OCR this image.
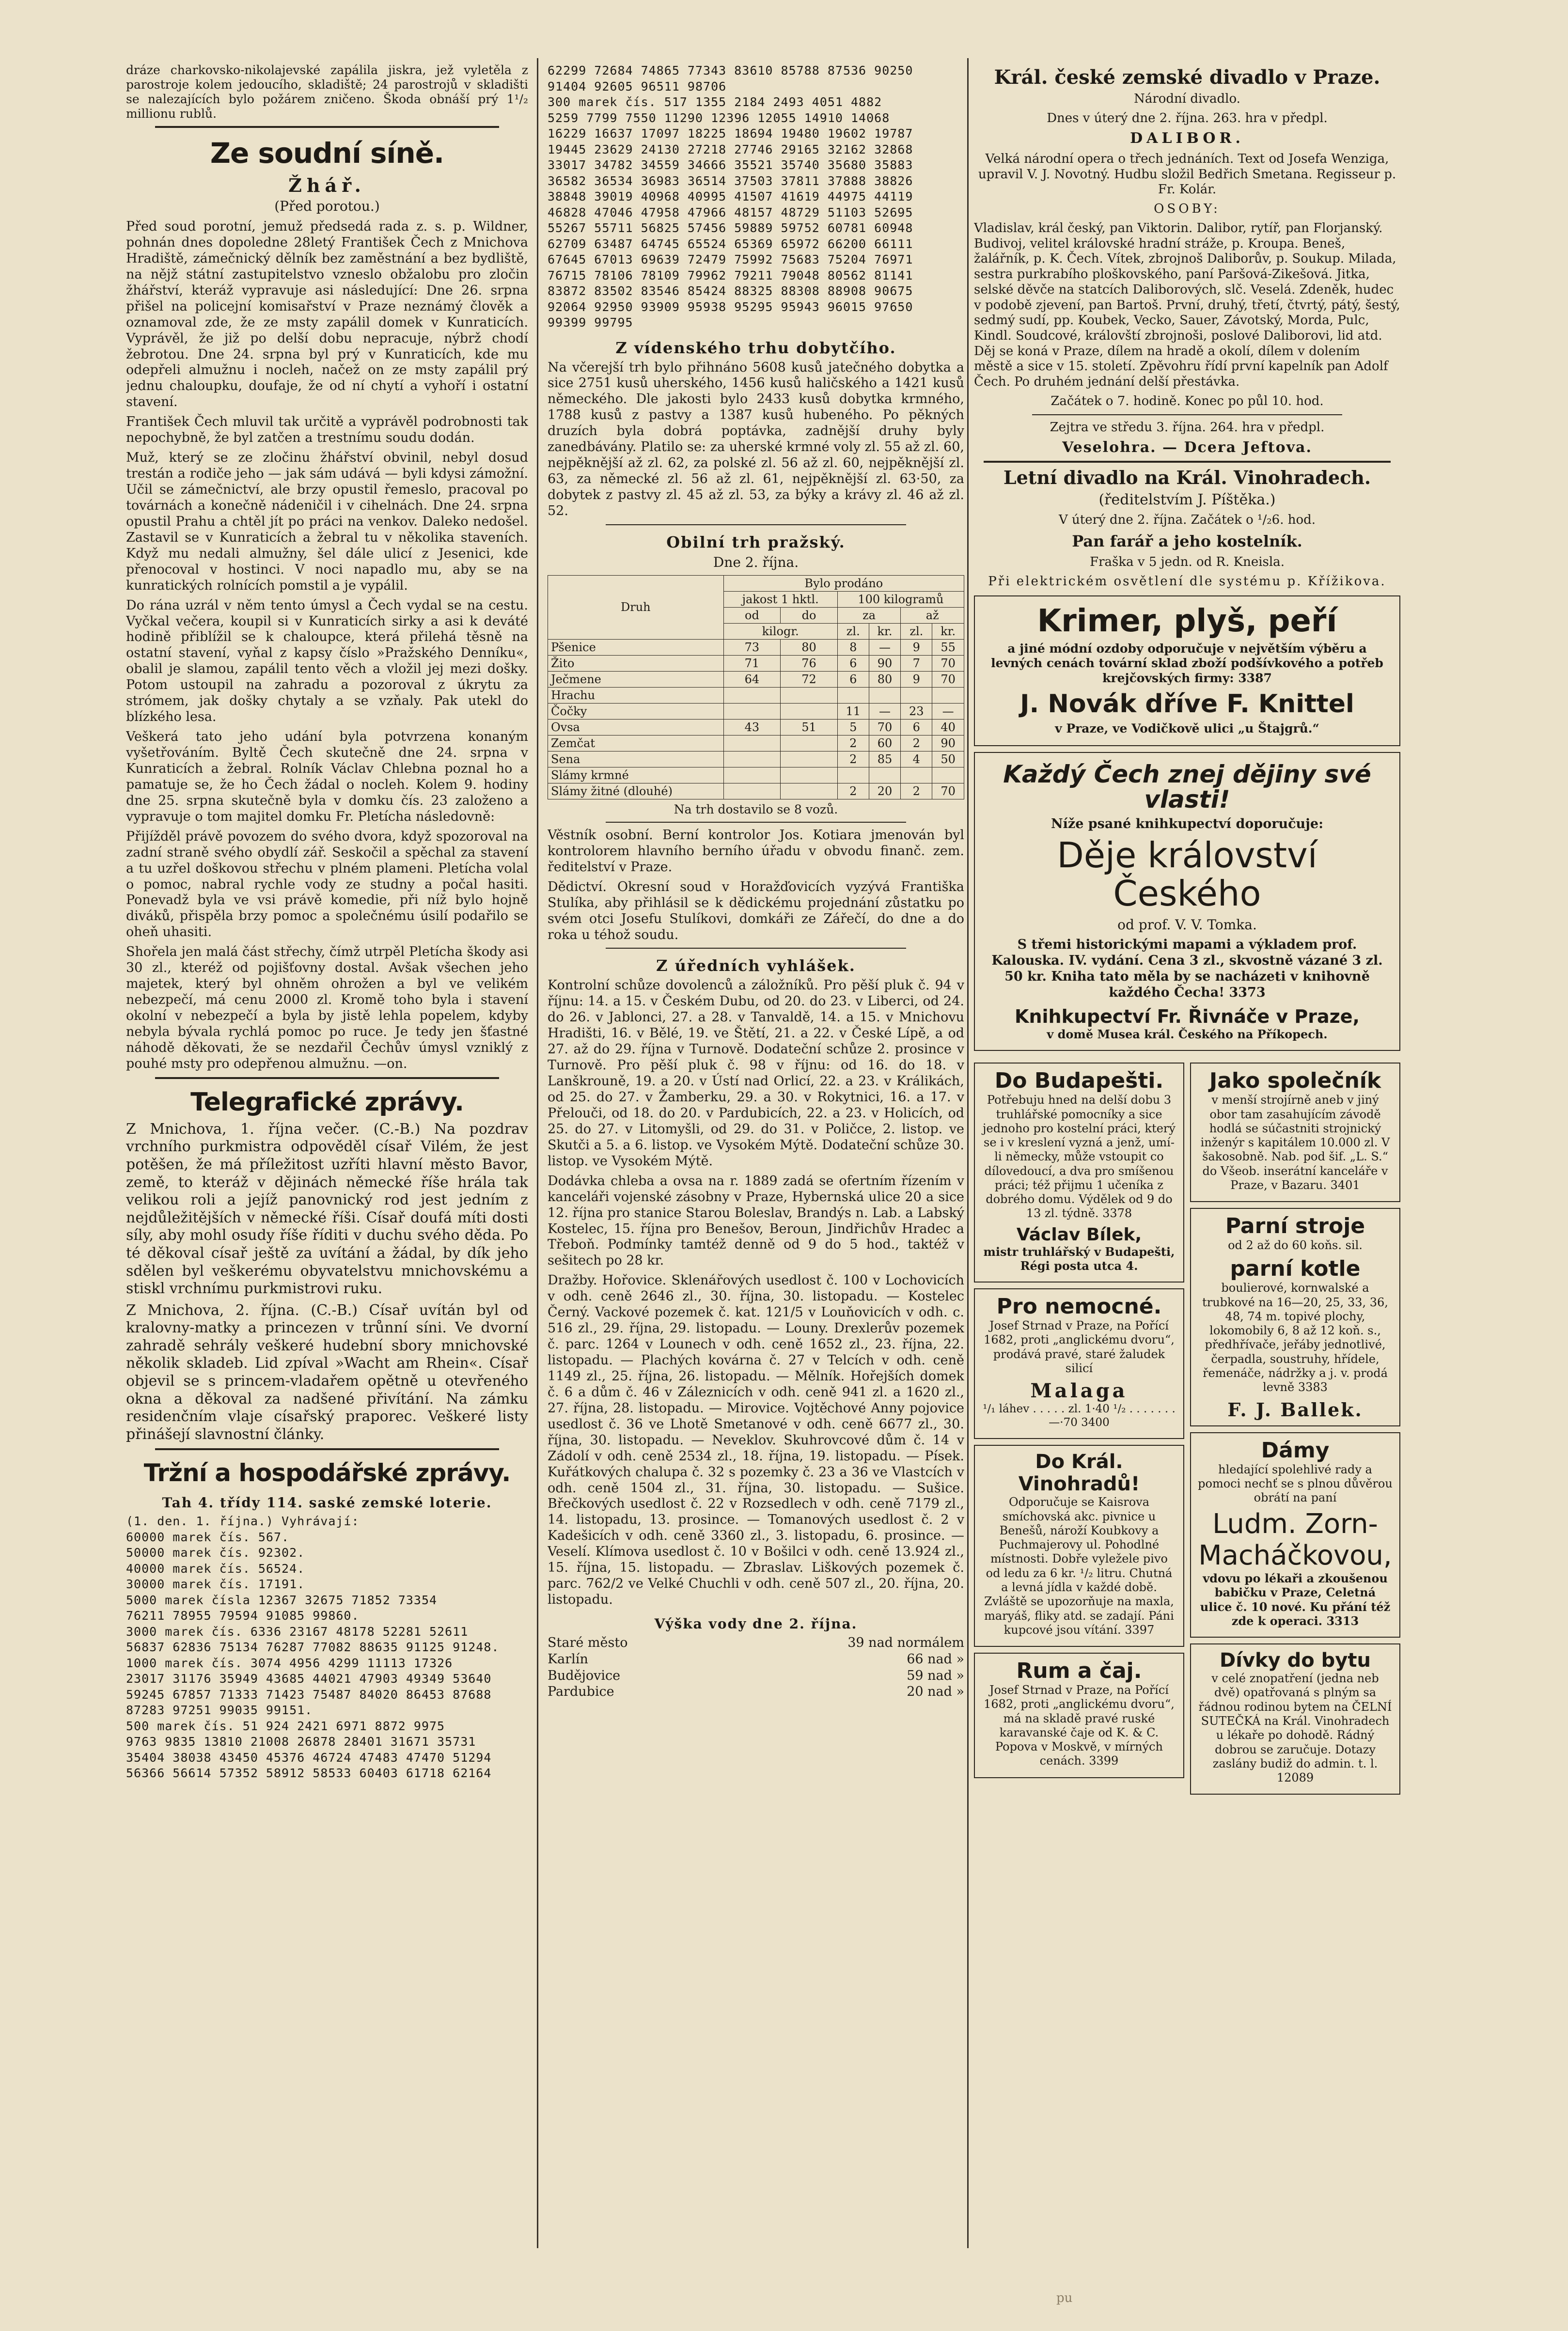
dráze charkovsko-nikolajevské zapálila jiskra, jež vyletěla z parostroje kolem jedoucího, skladiště; 24 parostrojů v skladišti se nalezajících bylo požárem zničeno. Škoda obnáší prý 1¹/₂ millionu rublů.

Ze soudní síně.
Žhář.
(Před porotou.)

Před soud porotní, jemuž předsedá rada z. s. p. Wildner, pohnán dnes dopoledne 28letý František Čech z Mnichova Hradiště, zámečnický dělník bez zaměstnání a bez bydliště, na nějž státní zastupitelstvo vzneslo obžalobu pro zločin žhářství, kteráž vypravuje asi následující: Dne 26. srpna přišel na policejní komisařství v Praze neznámý člověk a oznamoval zde, že ze msty zapálil domek v Kunraticích. Vyprávěl, že již po delší dobu nepracuje, nýbrž chodí žebrotou. Dne 24. srpna byl prý v Kunraticích, kde mu odepřeli almužnu i nocleh, načež on ze msty zapálil prý jednu chaloupku, doufaje, že od ní chytí a vyhoří i ostatní stavení.

František Čech mluvil tak určitě a vyprávěl podrobnosti tak nepochybně, že byl zatčen a trestnímu soudu dodán.

Muž, který se ze zločinu žhářství obvinil, nebyl dosud trestán a rodiče jeho — jak sám udává — byli kdysi zámožní. Učil se zámečnictví, ale brzy opustil řemeslo, pracoval po továrnách a konečně nádeničil i v cihelnách. Dne 24. srpna opustil Prahu a chtěl jít po práci na venkov. Daleko nedošel. Zastavil se v Kunraticích a žebral tu v několika staveních. Když mu nedali almužny, šel dále ulicí z Jesenici, kde přenocoval v hostinci. V noci napadlo mu, aby se na kunratických rolnících pomstil a je vypálil.

Do rána uzrál v něm tento úmysl a Čech vydal se na cestu. Vyčkal večera, koupil si v Kunraticích sirky a asi k deváté hodině přiblížil se k chaloupce, která přilehá těsně na ostatní stavení, vyňal z kapsy číslo »Pražského Denníku«, obalil je slamou, zapálil tento věch a vložil jej mezi došky. Potom ustoupil na zahradu a pozoroval z úkrytu za strómem, jak došky chytaly a se vzňaly. Pak utekl do blízkého lesa.

Veškerá tato jeho udání byla potvrzena konaným vyšetřováním. Byltě Čech skutečně dne 24. srpna v Kunraticích a žebral. Rolník Václav Chlebna poznal ho a pamatuje se, že ho Čech žádal o nocleh. Kolem 9. hodiny dne 25. srpna skutečně byla v domku čís. 23 založeno a vypravuje o tom majitel domku Fr. Pletícha následovně:

Přijížděl právě povozem do svého dvora, když spozoroval na zadní straně svého obydlí zář. Seskočil a spěchal za stavení a tu uzřel doškovou střechu v plném plameni. Pletícha volal o pomoc, nabral rychle vody ze studny a počal hasiti. Ponevadž byla ve vsi právě komedie, při níž bylo hojně diváků, přispěla brzy pomoc a společnému úsilí podařilo se oheň uhasiti.

Shořela jen malá část střechy, čímž utrpěl Pletícha škody asi 30 zl., kteréž od pojišťovny dostal. Avšak všechen jeho majetek, který byl ohněm ohrožen a byl ve velikém nebezpečí, má cenu 2000 zl. Kromě toho byla i stavení okolní v nebezpečí a byla by jistě lehla popelem, kdyby nebyla bývala rychlá pomoc po ruce. Je tedy jen šťastné náhodě děkovati, že se nezdařil Čechův úmysl vzniklý z pouhé msty pro odepřenou almužnu. —on.

Telegrafické zprávy.

Z Mnichova, 1. října večer. (C.-B.) Na pozdrav vrchního purkmistra odpověděl císař Vilém, že jest potěšen, že má příležitost uzříti hlavní město Bavor, země, to kteráž v dějinách německé říše hrála tak velikou roli a jejíž panovnický rod jest jedním z nejdůležitějších v německé říši. Císař doufá míti dosti síly, aby mohl osudy říše říditi v duchu svého děda. Po té děkoval císař ještě za uvítání a žádal, by dík jeho sdělen byl veškerému obyvatelstvu mnichovskému a stiskl vrchnímu purkmistrovi ruku.

Z Mnichova, 2. října. (C.-B.) Císař uvítán byl od kralovny-matky a princezen v trůnní síni. Ve dvorní zahradě sehrály veškeré hudební sbory mnichovské několik skladeb. Lid zpíval »Wacht am Rhein«. Císař objevil se s princem-vladařem opětně u otevřeného okna a děkoval za nadšené přivítání. Na zámku residenčním vlaje císařský praporec. Veškeré listy přinášejí slavnostní články.

Tržní a hospodářské zprávy.
Tah 4. třídy 114. saské zemské loterie.
(1. den. 1. října.) Vyhrávají:
60000 marek čís. 567.
50000 marek čís. 92302.
40000 marek čís. 56524.
30000 marek čís. 17191.
5000 marek čísla 12367 32675 71852 73354
76211 78955 79594 91085 99860.
3000 marek čís. 6336 23167 48178 52281 52611
56837 62836 75134 76287 77082 88635 91125 91248.
1000 marek čís. 3074 4956 4299 11113 17326
23017 31176 35949 43685 44021 47903 49349 53640
59245 67857 71333 71423 75487 84020 86453 87688
87283 97251 99035 99151.
500 marek čís. 51 924 2421 6971 8872 9975
9763 9835 13810 21008 26878 28401 31671 35731
35404 38038 43450 45376 46724 47483 47470 51294
56366 56614 57352 58912 58533 60403 61718 62164
62299 72684 74865 77343 83610 85788 87536 90250
91404 92605 96511 98706
300 marek čís. 517 1355 2184 2493 4051 4882
5259 7799 7550 11290 12396 12055 14910 14068
16229 16637 17097 18225 18694 19480 19602 19787
19445 23629 24130 27218 27746 29165 32162 32868
33017 34782 34559 34666 35521 35740 35680 35883
36582 36534 36983 36514 37503 37811 37888 38826
38848 39019 40968 40995 41507 41619 44975 44119
46828 47046 47958 47966 48157 48729 51103 52695
55267 55711 56825 57456 59889 59752 60781 60948
62709 63487 64745 65524 65369 65972 66200 66111
67645 67013 69639 72479 75992 75683 75204 76971
76715 78106 78109 79962 79211 79048 80562 81141
83872 83502 83546 85424 88325 88308 88908 90675
92064 92950 93909 95938 95295 95943 96015 97650
99399 99795
Z vídenského trhu dobytčího.

Na včerejší trh bylo přihnáno 5608 kusů jatečného dobytka a sice 2751 kusů uherského, 1456 kusů haličského a 1421 kusů německého. Dle jakosti bylo 2433 kusů dobytka krmného, 1788 kusů z pastvy a 1387 kusů hubeného. Po pěkných druzích byla dobrá poptávka, zadnější druhy byly zanedbávány. Platilo se: za uherské krmné voly zl. 55 až zl. 60, nejpěknější až zl. 62, za polské zl. 56 až zl. 60, nejpěknější zl. 63, za německé zl. 56 až zl. 61, nejpěknější zl. 63·50, za dobytek z pastvy zl. 45 až zl. 53, za býky a krávy zl. 46 až zl. 52.

Obilní trh pražský.
Dne 2. října.
Druh	Bylo prodáno					
	jakost 1 hktl.		100 kilogramů			
	od	do	za		až	
	kilogr.		zl.	kr.	zl.	kr.
Pšenice	73	80	8	—	9	55
Žito	71	76	6	90	7	70
Ječmene	64	72	6	80	9	70
Hrachu						
Čočky			11	—	23	—
Ovsa	43	51	5	70	6	40
Zemčat			2	60	2	90
Sena			2	85	4	50
Slámy krmné						
Slámy žitné (dlouhé)			2	20	2	70

Na trh dostavilo se 8 vozů.

Věstník osobní. Berní kontrolor Jos. Kotiara jmenován byl kontrolorem hlavního berního úřadu v obvodu finanč. zem. ředitelství v Praze.

Dědictví. Okresní soud v Horažďovicích vyzývá Františka Stulíka, aby přihlásil se k dědickému projednání zůstatku po svém otci Josefu Stulíkovi, domkáři ze Zářečí, do dne a do roka u téhož soudu.

Z úředních vyhlášek.

Kontrolní schůze dovolenců a záložníků. Pro pěší pluk č. 94 v říjnu: 14. a 15. v Českém Dubu, od 20. do 23. v Liberci, od 24. do 26. v Jablonci, 27. a 28. v Tanvaldě, 14. a 15. v Mnichovu Hradišti, 16. v Bělé, 19. ve Štětí, 21. a 22. v České Lípě, a od 27. až do 29. října v Turnově. Dodateční schůze 2. prosince v Turnově. Pro pěší pluk č. 98 v říjnu: od 16. do 18. v Lanškrouně, 19. a 20. v Ústí nad Orlicí, 22. a 23. v Králikách, od 25. do 27. v Žamberku, 29. a 30. v Rokytnici, 16. a 17. v Přelouči, od 18. do 20. v Pardubicích, 22. a 23. v Holicích, od 25. do 27. v Litomyšli, od 29. do 31. v Poličce, 2. listop. ve Skutči a 5. a 6. listop. ve Vysokém Mýtě. Dodateční schůze 30. listop. ve Vysokém Mýtě.

Dodávka chleba a ovsa na r. 1889 zadá se ofertním řízením v kanceláři vojenské zásobny v Praze, Hybernská ulice 20 a sice 12. října pro stanice Starou Boleslav, Brandýs n. Lab. a Labský Kostelec, 15. října pro Benešov, Beroun, Jindřichův Hradec a Třeboň. Podmínky tamtéž denně od 9 do 5 hod., taktéž v sešitech po 28 kr.

Dražby. Hořovice. Sklenářových usedlost č. 100 v Lochovicích v odh. ceně 2646 zl., 30. října, 30. listopadu. — Kostelec Černý. Vackové pozemek č. kat. 121/5 v Louňovicích v odh. c. 516 zl., 29. října, 29. listopadu. — Louny. Drexlerův pozemek č. parc. 1264 v Lounech v odh. ceně 1652 zl., 23. října, 22. listopadu. — Plachých kovárna č. 27 v Telcích v odh. ceně 1149 zl., 25. října, 26. listopadu. — Mělník. Hořejších domek č. 6 a dům č. 46 v Záleznicích v odh. ceně 941 zl. a 1620 zl., 27. října, 28. listopadu. — Mirovice. Vojtěchové Anny pojovice usedlost č. 36 ve Lhotě Smetanové v odh. ceně 6677 zl., 30. října, 30. listopadu. — Neveklov. Skuhrovcové dům č. 14 v Zádolí v odh. ceně 2534 zl., 18. října, 19. listopadu. — Písek. Kuřátkových chalupa č. 32 s pozemky č. 23 a 36 ve Vlastcích v odh. ceně 1504 zl., 31. října, 30. listopadu. — Sušice. Břečkových usedlost č. 22 v Rozsedlech v odh. ceně 7179 zl., 14. listopadu, 13. prosince. — Tomanových usedlost č. 2 v Kadešicích v odh. ceně 3360 zl., 3. listopadu, 6. prosince. — Veselí. Klímova usedlost č. 10 v Bošilci v odh. ceně 13.924 zl., 15. října, 15. listopadu. — Zbraslav. Liškových pozemek č. parc. 762/2 ve Velké Chuchli v odh. ceně 507 zl., 20. října, 20. listopadu.

Výška vody dne 2. října.
Staré město	39 nad normálem
Karlín	66 nad »
Budějovice	59 nad »
Pardubice	20 nad »
Král. české zemské divadlo v Praze.

Národní divadlo.

Dnes v úterý dne 2. října. 263. hra v předpl.

DALIBOR.

Velká národní opera o třech jednáních. Text od Josefa Wenziga, upravil V. J. Novotný. Hudbu složil Bedřich Smetana. Regisseur p. Fr. Kolár.

OSOBY:

Vladislav, král český, pan Viktorin. Dalibor, rytíř, pan Florjanský. Budivoj, velitel královské hradní stráže, p. Kroupa. Beneš, žalářník, p. K. Čech. Vítek, zbrojnoš Daliborův, p. Soukup. Milada, sestra purkrabího ploškovského, paní Paršová-Zikešová. Jitka, selské děvče na statcích Daliborových, slč. Veselá. Zdeněk, hudec v podobě zjevení, pan Bartoš. První, druhý, třetí, čtvrtý, pátý, šestý, sedmý sudí, pp. Koubek, Vecko, Sauer, Závotský, Morda, Pulc, Kindl. Soudcové, královští zbrojnoši, poslové Daliborovi, lid atd. Děj se koná v Praze, dílem na hradě a okolí, dílem v dolením městě a sice v 15. století. Zpěvohru řídí první kapelník pan Adolf Čech. Po druhém jednání delší přestávka.

Začátek o 7. hodině. Konec po půl 10. hod.

Zejtra ve středu 3. října. 264. hra v předpl.

Veselohra. — Dcera Jeftova.

Letní divadlo na Král. Vinohradech.

(ředitelstvím J. Píštěka.)

V úterý dne 2. října. Začátek o ¹/₂6. hod.

Pan farář a jeho kostelník.

Fraška v 5 jedn. od R. Kneisla.

Při elektrickém osvětlení dle systému p. Křížikova.

Krimer, plyš, peří

a jiné módní ozdoby odporučuje v největším výběru a levných cenách tovární sklad zboží podšívkového a potřeb krejčovských firmy: 3387

J. Novák dříve F. Knittel

v Praze, ve Vodičkově ulici „u Štajgrů.“

Každý Čech znej dějiny své vlasti!

Níže psané knihkupectví doporučuje:

Děje království Českého

od prof. V. V. Tomka.

S třemi historickými mapami a výkladem prof. Kalouska. IV. vydání. Cena 3 zl., skvostně vázané 3 zl. 50 kr. Kniha tato měla by se nacházeti v knihovně každého Čecha! 3373

Knihkupectví Fr. Řivnáče v Praze,

v domě Musea král. Českého na Příkopech.

Do Budapešti.

Potřebuju hned na delší dobu 3 truhlářské pomocníky a sice jednoho pro kostelní práci, který se i v kreslení vyzná a jenž, umí-li německy, může vstoupit co dílovedoucí, a dva pro smíšenou práci; též přijmu 1 učeníka z dobrého domu. Výdělek od 9 do 13 zl. týdně. 3378

Václav Bílek,

mistr truhlářský v Budapešti, Régi posta utca 4.

Pro nemocné.

Josef Strnad v Praze, na Pořící 1682, proti „anglickému dvoru“, prodává pravé, staré žaludek silicí

Malaga

¹/₁ láhev . . . . . zl. 1·40 ¹/₂ . . . . . . . —·70 3400

Do Král. Vinohradů!

Odporučuje se Kaisrova smíchovská akc. pivnice u Benešů, nároží Koubkovy a Puchmajerovy ul. Pohodlné místnosti. Dobře vyležele pivo od ledu za 6 kr. ¹/₂ litru. Chutná a levná jídla v každé době. Zvláště se upozorňuje na maxla, maryáš, fliky atd. se zadají. Páni kupcové jsou vítání. 3397

Rum a čaj.

Josef Strnad v Praze, na Pořící 1682, proti „anglickému dvoru“, má na skladě pravé ruské karavanské čaje od K. & C. Popova v Moskvě, v mírných cenách. 3399

Jako společník

v menší strojírně aneb v jiný obor tam zasahujícím závodě hodlá se súčastniti strojnický inženýr s kapitálem 10.000 zl. V šakosobně. Nab. pod šif. „L. S.“ do Všeob. inserátní kanceláře v Praze, v Bazaru. 3401

Parní stroje

od 2 až do 60 koňs. sil.

parní kotle

boulierové, kornwalské a trubkové na 16—20, 25, 33, 36, 48, 74 m. topivé plochy, lokomobily 6, 8 až 12 koň. s., předhřívače, jeřáby jednotlivé, čerpadla, soustruhy, hřídele, řemenáče, nádržky a j. v. prodá levně 3383

F. J. Ballek.
Dámy

hledající spolehlivé rady a pomoci nechť se s plnou důvěrou obrátí na paní

Ludm. Zorn-
Macháčkovou,

vdovu po lékaři a zkoušenou babičku v Praze, Celetná ulice č. 10 nové. Ku přání též zde k operaci. 3313

Dívky do bytu

v celé znopatření (jedna neb dvě) opatřovaná s plným sa řádnou rodinou bytem na ČELNÍ SUTEČKÁ na Král. Vinohradech u lékaře po dohodě. Rádný dobrou se zaručuje. Dotazy zaslány budiž do admin. t. l. 12089

pu
